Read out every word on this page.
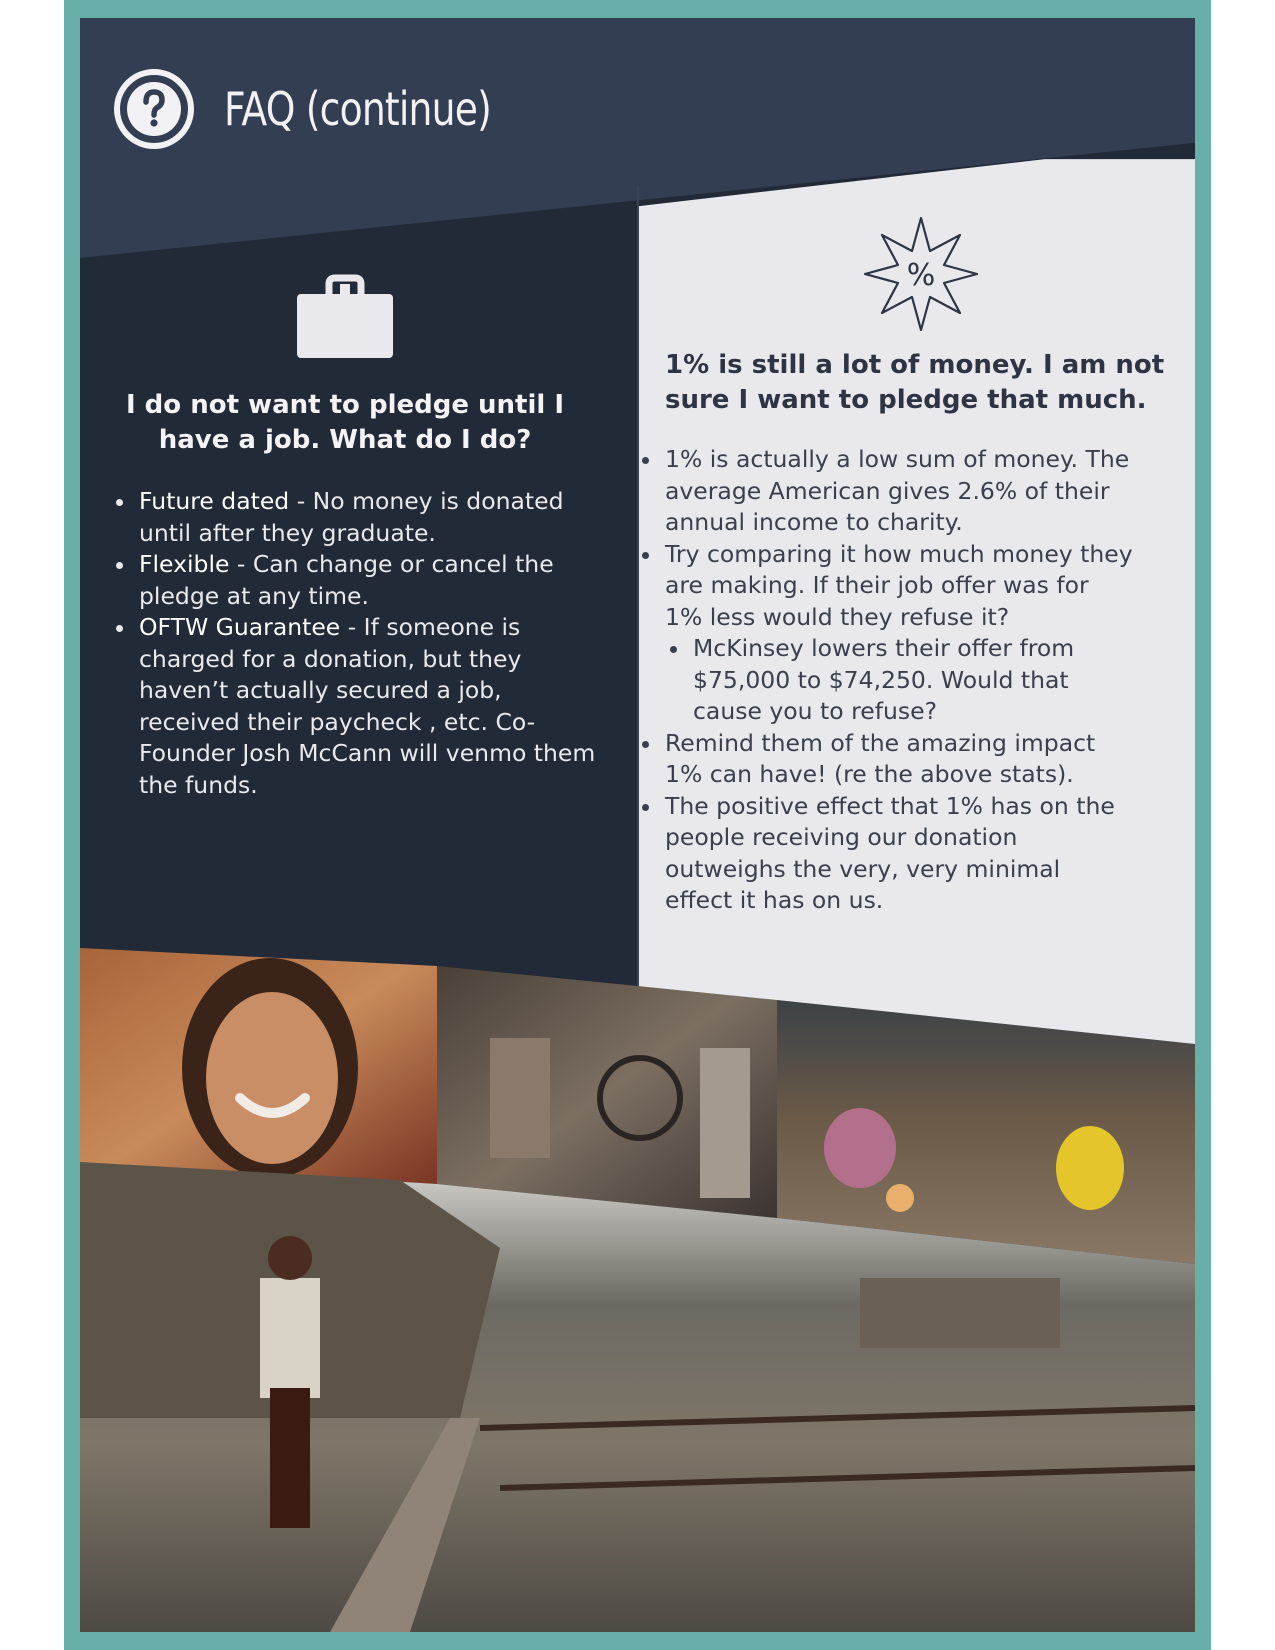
FAQ (continue)
I do not want to pledge until I have a job. What do I do?
• Future dated - No money is donated until after they graduate.
• Flexible - Can change or cancel the pledge at any time.
• OFTW Guarantee - If someone is charged for a donation, but they haven’t actually secured a job, received their paycheck , etc. Co-Founder Josh McCann will venmo them the funds.
%
1% is still a lot of money. I am not sure I want to pledge that much.
• 1% is actually a low sum of money. The average American gives 2.6% of their annual income to charity.
• Try comparing it how much money they are making. If their job offer was for 1% less would they refuse it?
• McKinsey lowers their offer from $75,000 to $74,250. Would that cause you to refuse?
• Remind them of the amazing impact 1% can have! (re the above stats).
• The positive effect that 1% has on the people receiving our donation outweighs the very, very minimal effect it has on us.
